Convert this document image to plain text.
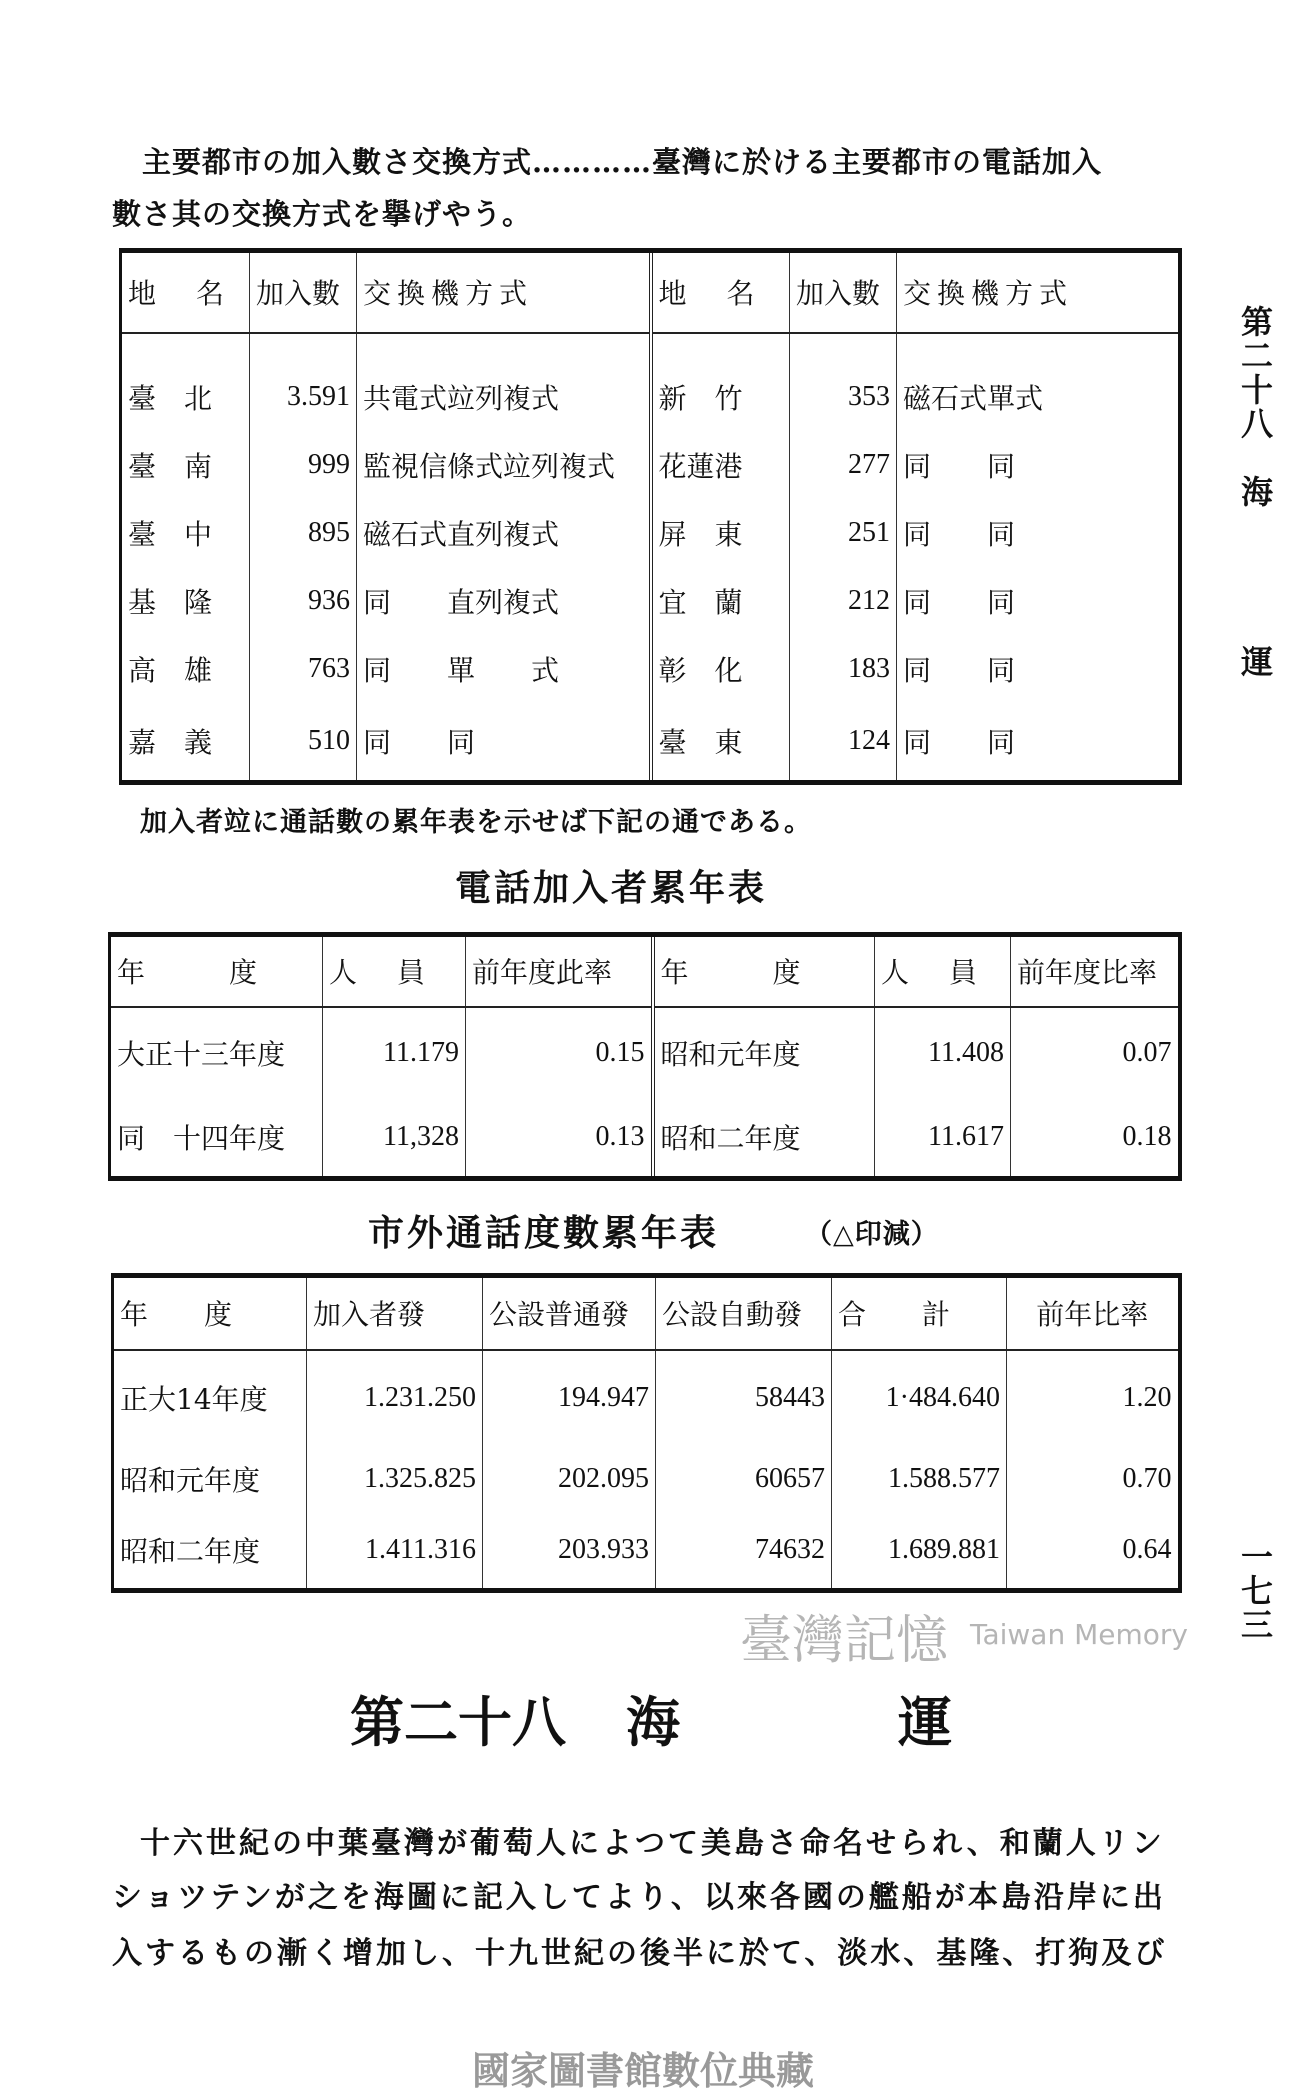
主要都市の加入數さ交換方式…………臺灣に於ける主要都市の電話加入
數さ其の交換方式を擧げやう。
地　名	加入數	交換機方式	地　名	加入數	交換機方式

臺　北	3.591	共電式竝列複式	新　竹	353	磁石式單式
臺　南	999	監視信條式竝列複式	花蓮港	277	同　　同
臺　中	895	磁石式直列複式	屏　東	251	同　　同
基　隆	936	同　　直列複式	宜　蘭	212	同　　同
高　雄	763	同　　單　　式	彰　化	183	同　　同
嘉　義	510	同　　同	臺　東	124	同　　同
加入者竝に通話數の累年表を示せば下記の通である。
電話加入者累年表
年　　　度	人　員	前年度此率	年　　　度	人　員	前年度比率
大正十三年度	11.179	0.15	昭和元年度	11.408	0.07
同　十四年度	11,328	0.13	昭和二年度	11.617	0.18
市外通話度數累年表	（△印減）
年　　度	加入者發	公設普通發	公設自動發	合　　計	前年比率
正大14年度	1.231.250	194.947	58443	1·484.640	1.20
昭和元年度	1.325.825	202.095	60657	1.588.577	0.70
昭和二年度	1.411.316	203.933	74632	1.689.881	0.64
臺灣記憶 Taiwan Memory
第二十八 海　　　運
十六世紀の中葉臺灣が葡萄人によつて美島さ命名せられ、和蘭人リン
ショツテンが之を海圖に記入してより、以來各國の艦船が本島沿岸に出
入するもの漸く增加し、十九世紀の後半に於て、淡水、基隆、打狗及び
第二十八
海
運
一七三
國家圖書館數位典藏
